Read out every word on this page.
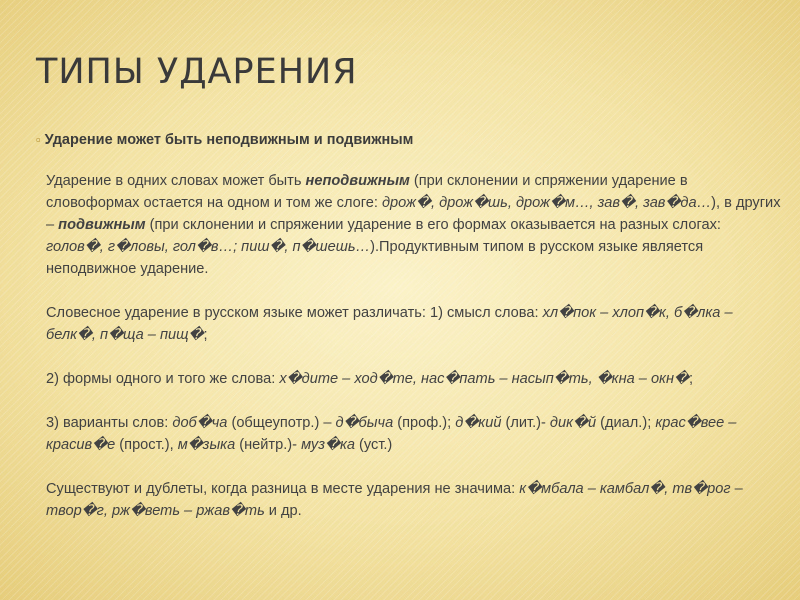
ТИПЫ УДАРЕНИЯ
▫ Ударение может быть неподвижным и подвижным

Ударение в одних словах может быть неподвижным (при склонении и спряжении ударение в словоформах остается на одном и том же слоге: дрож�, дрож�шь, дрож�м…, зав�, зав�да…), в других – подвижным (при склонении и спряжении ударение в его формах оказывается на разных слогах: голов�, г�ловы, гол�в…; пиш�, п�шешь…).Продуктивным типом в русском языке является неподвижное ударение.

Словесное ударение в русском языке может различать: 1) смысл слова: хл�пок – хлоп�к, б�лка – белк�, п�ща – пищ�;

2) формы одного и того же слова: х�дите – ход�те, нас�пать – насып�ть, �кна – окн�;

3) варианты слов: доб�ча (общеупотр.) – д�быча (проф.); д�кий (лит.)- дик�й (диал.); крас�вее – красив�е (прост.), м�зыка (нейтр.)- муз�ка (уст.)

Существуют и дублеты, когда разница в месте ударения не значима: к�мбала – камбал�, тв�рог – твор�г, рж�веть – ржав�ть и др.
